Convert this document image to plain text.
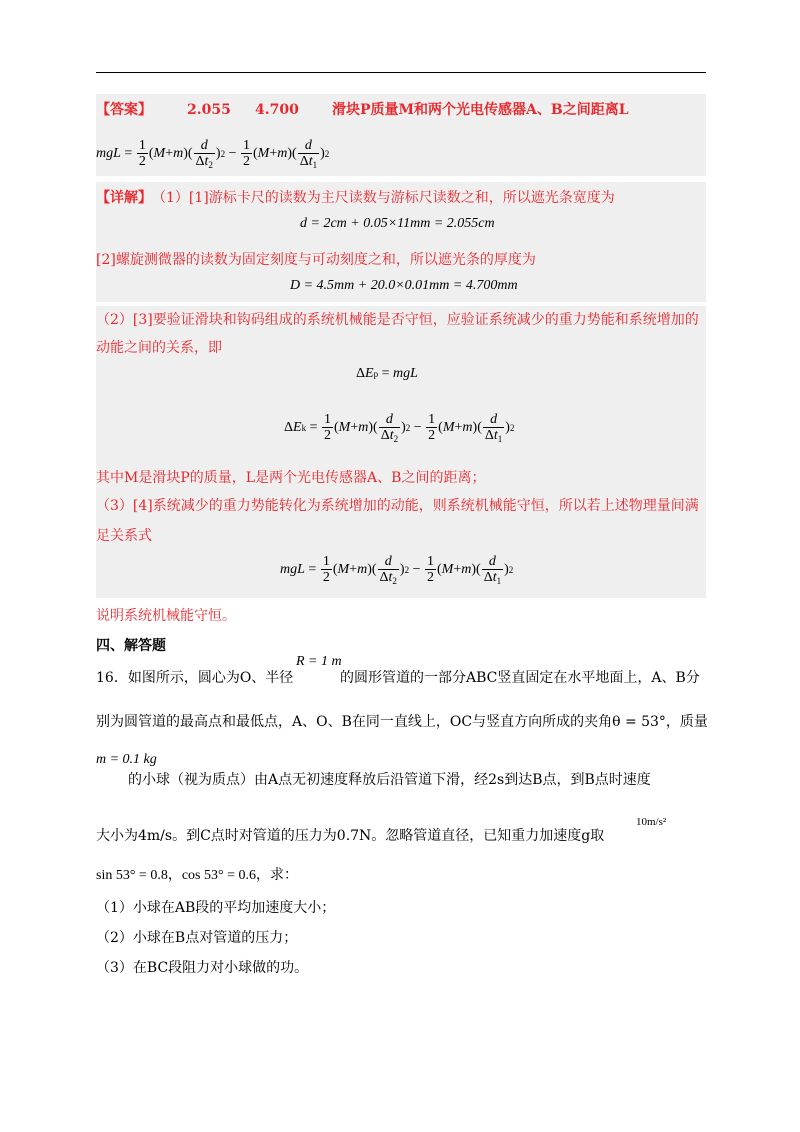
【答案】	2.055 4.700 滑块P质量M和两个光电传感器A、B之间距离L
mgL = $\frac{1}{2}$ ( M + m )( $\frac{d}{\Delta t_2}$ ) $2 - \frac{1}{2}$ ( M + m )( $\frac{d}{\Delta t_1}$ ) 2
【详解】 （1）[1]游标卡尺的读数为主尺读数与游标尺读数之和，所以遮光条宽度为
d = 2cm + 0.05×11mm = 2.055cm
[2]螺旋测微器的读数为固定刻度与可动刻度之和，所以遮光条的厚度为
D = 4.5mm + 20.0×0.01mm = 4.700mm
（2）[3]要验证滑块和钩码组成的系统机械能是否守恒，应验证系统减少的重力势能和系统增加的
动能之间的关系，即
Δ E p = mgL
Δ E $k = \frac{1}{2}$ ( M + m )( $\frac{d}{\Delta t_2}$ ) $2 - \frac{1}{2}$ ( M + m )( $\frac{d}{\Delta t_1}$ ) 2
其中M是滑块P的质量，L是两个光电传感器A、B之间的距离；
（3）[4]系统减少的重力势能转化为系统增加的动能，则系统机械能守恒，所以若上述物理量间满
足关系式
mgL = $\frac{1}{2}$ ( M + m )( $\frac{d}{\Delta t_2}$ ) $2 - \frac{1}{2}$ ( M + m )( $\frac{d}{\Delta t_1}$ ) 2
说明系统机械能守恒。
四、解答题
16．如图所示，圆心为O、半径
R = 1 m
的圆形管道的一部分ABC竖直固定在水平地面上，A、B分
别为圆管道的最高点和最低点，A、O、B在同一直线上，OC与竖直方向所成的夹角θ = 53°，质量
m = 0.1 kg
的小球（视为质点）由A点无初速度释放后沿管道下滑，经2s到达B点，到B点时速度
大小为4m/s。到C点时对管道的压力为0.7N。忽略管道直径，已知重力加速度g取
10m/s²
sin 53° = 0.8，cos 53° = 0.6，求：
（1）小球在AB段的平均加速度大小；
（2）小球在B点对管道的压力；
（3）在BC段阻力对小球做的功。
